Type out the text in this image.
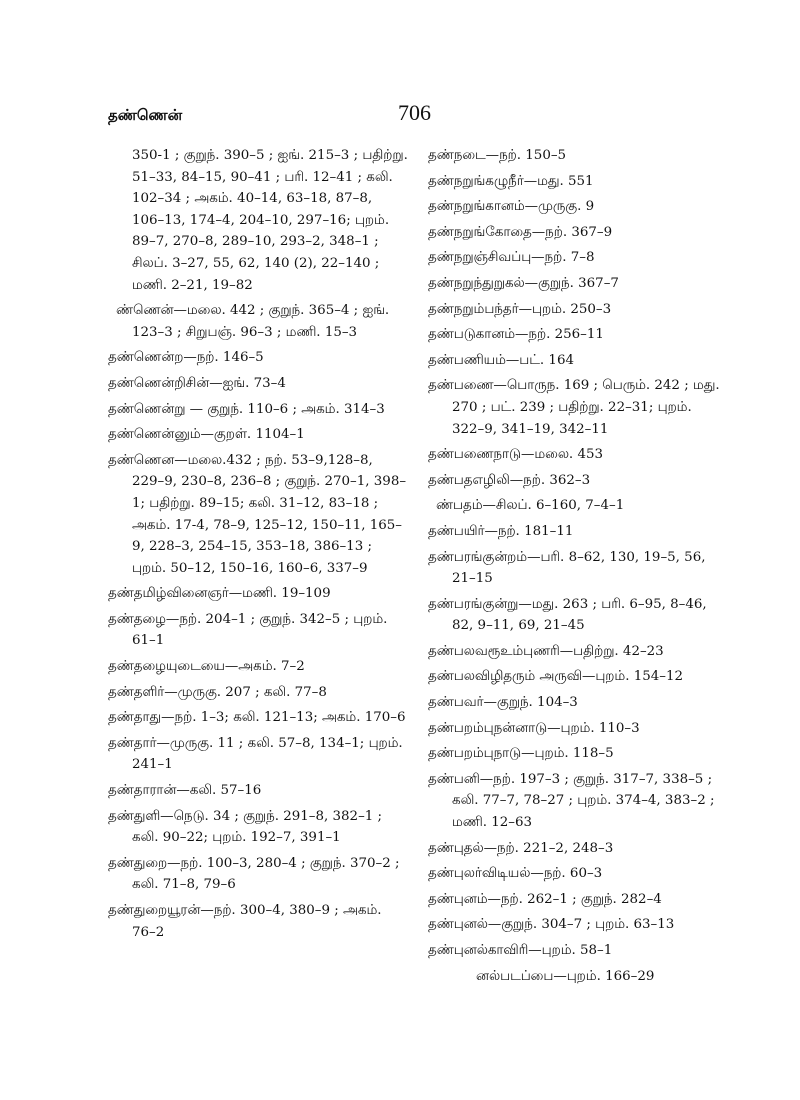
தண்ணென்	706
350-1 ; குறுந். 390–5 ; ஐங். 215–3 ; பதிற்று. 51–33, 84–15, 90–41 ; பரி. 12–41 ; கலி. 102–34 ; அகம். 40–14, 63–18, 87–8, 106–13, 174–4, 204–10, 297–16; புறம். 89–7, 270–8, 289–10, 293–2, 348–1 ; சிலப். 3–27, 55, 62, 140 (2), 22–140 ; மணி. 2–21, 19–82
ண்ணென்—மலை. 442 ; குறுந். 365–4 ; ஐங். 123–3 ; சிறுபஞ். 96–3 ; மணி. 15–3
தண்ணென்ற—நற். 146–5
தண்ணென்றிசின்—ஐங். 73–4
தண்ணென்று — குறுந். 110–6 ; அகம். 314–3
தண்ணென்னும்—குறள். 1104–1
தண்ணென—மலை.432 ; நற். 53–9,128–8, 229–9, 230–8, 236–8 ; குறுந். 270–1, 398–1; பதிற்று. 89–15; கலி. 31–12, 83–18 ; அகம். 17-4, 78–9, 125–12, 150–11, 165–9, 228–3, 254–15, 353–18, 386–13 ; புறம். 50–12, 150–16, 160–6, 337–9
தண்தமிழ்வினைஞர்—மணி. 19–109
தண்தழை—நற். 204–1 ; குறுந். 342–5 ; புறம். 61–1
தண்தழையுடையை—அகம். 7–2
தண்தளிர்—முருகு. 207 ; கலி. 77–8
தண்தாது—நற். 1–3; கலி. 121–13; அகம். 170–6
தண்தார்—முருகு. 11 ; கலி. 57–8, 134–1; புறம். 241–1
தண்தாரான்—கலி. 57–16
தண்துளி—நெடு. 34 ; குறுந். 291–8, 382–1 ; கலி. 90–22; புறம். 192–7, 391–1
தண்துறை—நற். 100–3, 280–4 ; குறுந். 370–2 ; கலி. 71–8, 79–6
தண்துறையூரன்—நற். 300–4, 380–9 ; அகம். 76–2
தண்நடை—நற். 150–5
தண்நறுங்கழுநீர்—மது. 551
தண்நறுங்கானம்—முருகு. 9
தண்நறுங்கோதை—நற். 367–9
தண்நறுஞ்சிவப்பு—நற். 7–8
தண்நறுந்துறுகல்—குறுந். 367–7
தண்நறும்பந்தர்—புறம். 250–3
தண்படுகானம்—நற். 256–11
தண்பணியம்—பட். 164
தண்பணை—பொருந. 169 ; பெரும். 242 ; மது. 270 ; பட். 239 ; பதிற்று. 22–31; புறம். 322–9, 341–19, 342–11
தண்பணைநாடு—மலை. 453
தண்பதஎழிலி—நற். 362–3
ண்பதம்—சிலப். 6–160, 7–4–1
தண்பயிர்—நற். 181–11
தண்பரங்குன்றம்—பரி. 8–62, 130, 19–5, 56, 21–15
தண்பரங்குன்று—மது. 263 ; பரி. 6–95, 8–46, 82, 9–11, 69, 21–45
தண்பலவரூஉம்புணரி—பதிற்று. 42–23
தண்பலவிழிதரும் அருவி—புறம். 154–12
தண்பவர்—குறுந். 104–3
தண்பறம்புநன்னாடு—புறம். 110–3
தண்பறம்புநாடு—புறம். 118–5
தண்பனி—நற். 197–3 ; குறுந். 317–7, 338–5 ; கலி. 77–7, 78–27 ; புறம். 374–4, 383–2 ; மணி. 12–63
தண்புதல்—நற். 221–2, 248–3
தண்புலர்விடியல்—நற். 60–3
தண்புனம்—நற். 262–1 ; குறுந். 282–4
தண்புனல்—குறுந். 304–7 ; புறம். 63–13
தண்புனல்காவிரி—புறம். 58–1
னல்படப்பை—புறம். 166–29
